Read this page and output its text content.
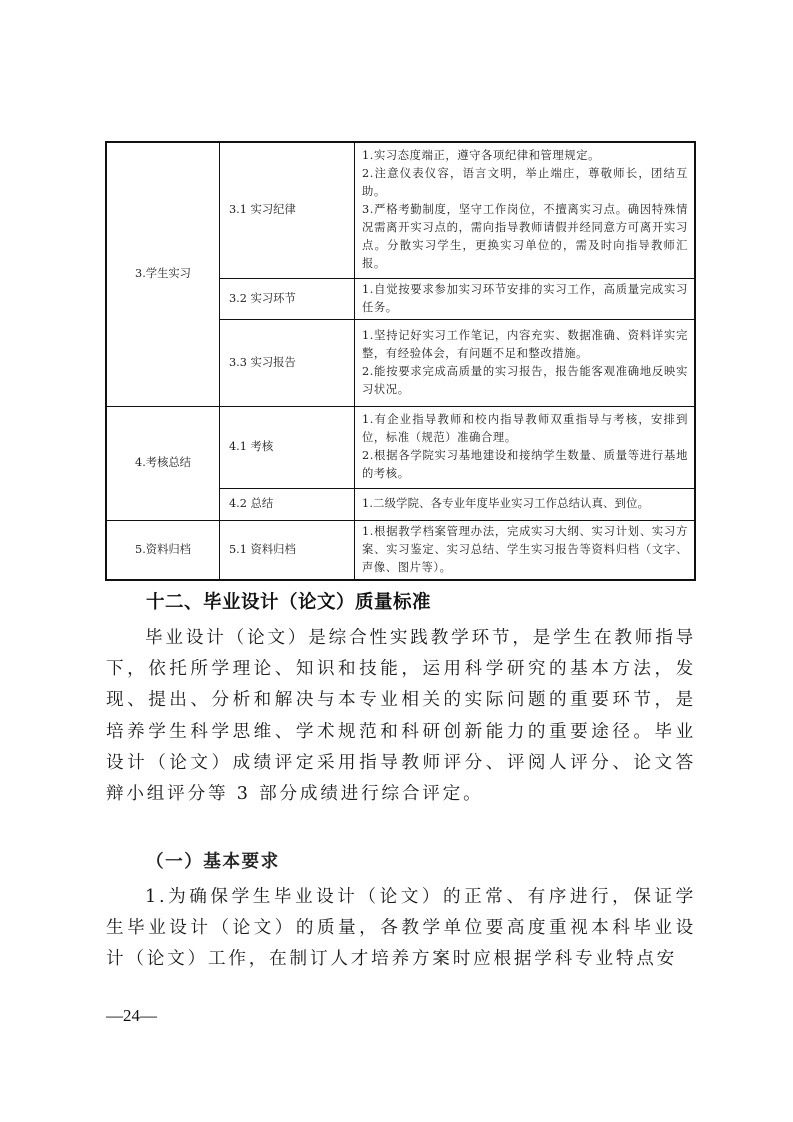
3.学生实习	3.1 实习纪律	1.实习态度端正，遵守各项纪律和管理规定。
2.注意仪表仪容，语言文明，举止端庄，尊敬师长，团结互助。
3.严格考勤制度，坚守工作岗位，不擅离实习点。确因特殊情况需离开实习点的，需向指导教师请假并经同意方可离开实习点。分散实习学生，更换实习单位的，需及时向指导教师汇报。

	3.2 实习环节	1.自觉按要求参加实习环节安排的实习工作，高质量完成实习任务。

	3.3 实习报告	1.坚持记好实习工作笔记，内容充实、数据准确、资料详实完整，有经验体会，有问题不足和整改措施。
2.能按要求完成高质量的实习报告，报告能客观准确地反映实习状况。

4.考核总结	4.1 考核	1.有企业指导教师和校内指导教师双重指导与考核，安排到位，标准（规范）准确合理。
2.根据各学院实习基地建设和接纳学生数量、质量等进行基地的考核。

	4.2 总结	1.二级学院、各专业年度毕业实习工作总结认真、到位。

5.资料归档	5.1 资料归档	1.根据教学档案管理办法，完成实习大纲、实习计划、实习方案、实习鉴定、实习总结、学生实习报告等资料归档（文字、声像、图片等）。
十二、毕业设计（论文）质量标准

毕业设计（论文）是综合性实践教学环节，是学生在教师指导下，依托所学理论、知识和技能，运用科学研究的基本方法，发现、提出、分析和解决与本专业相关的实际问题的重要环节，是培养学生科学思维、学术规范和科研创新能力的重要途径。毕业设计（论文）成绩评定采用指导教师评分、评阅人评分、论文答辩小组评分等 3 部分成绩进行综合评定。

（一）基本要求

1.为确保学生毕业设计（论文）的正常、有序进行，保证学生毕业设计（论文）的质量，各教学单位要高度重视本科毕业设计（论文）工作，在制订人才培养方案时应根据学科专业特点安

—24—
